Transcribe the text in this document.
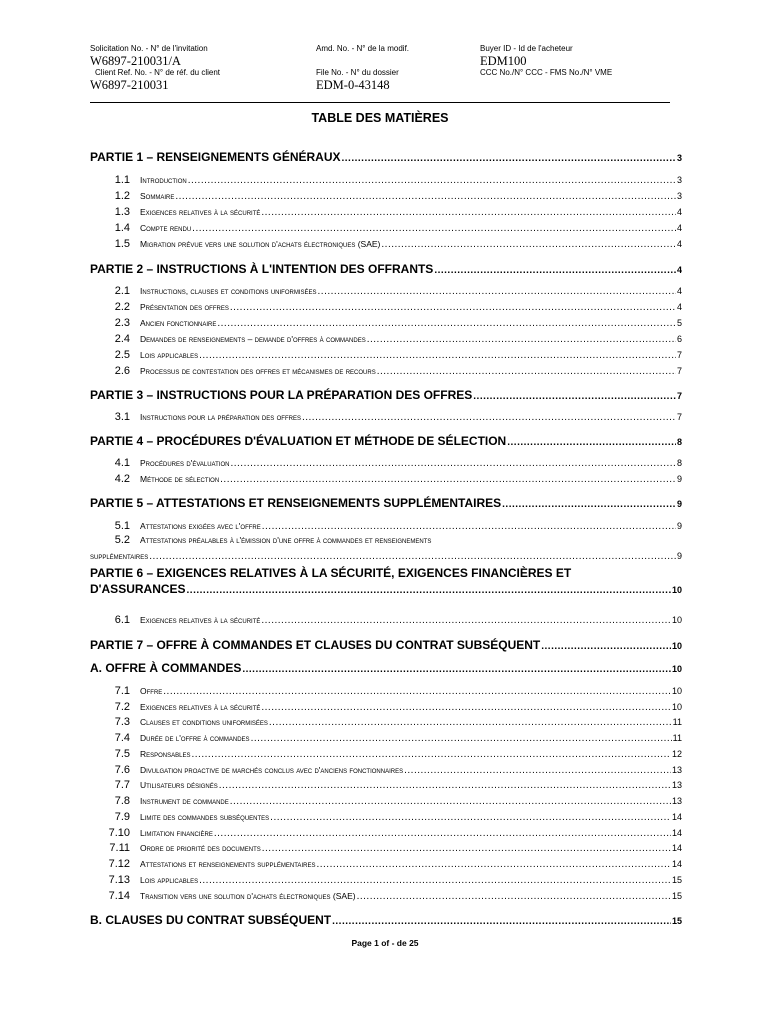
Solicitation No. - N° de l'invitation
W6897-210031/A
Client Ref. No. - N° de réf. du client
W6897-210031
Amd. No. - N° de la modif.
File No. - N° du dossier
EDM-0-43148
Buyer ID - Id de l'acheteur
EDM100
CCC No./N° CCC - FMS No./N° VME
TABLE DES MATIÈRES
PARTIE 1 – RENSEIGNEMENTS GÉNÉRAUX .....	3
1.1	Introduction .....	3
1.2	Sommaire .....	3
1.3	Exigences relatives à la sécurité .....	4
1.4	Compte rendu .....	4
1.5	Migration prévue vers une solution d'achats électroniques (SAE) .....	4
PARTIE 2 – INSTRUCTIONS À L'INTENTION DES OFFRANTS .....	4
2.1	Instructions, clauses et conditions uniformisées .....	4
2.2	Présentation des offres .....	4
2.3	Ancien fonctionnaire .....	5
2.4	Demandes de renseignements – demande d'offres à commandes .....	6
2.5	Lois applicables .....	7
2.6	Processus de contestation des offres et mécanismes de recours .....	7
PARTIE 3 – INSTRUCTIONS POUR LA PRÉPARATION DES OFFRES .....	7
3.1	Instructions pour la préparation des offres .....	7
PARTIE 4 – PROCÉDURES D'ÉVALUATION ET MÉTHODE DE SÉLECTION .....	8
4.1	Procédures d'évaluation .....	8
4.2	Méthode de sélection .....	9
PARTIE 5 – ATTESTATIONS ET RENSEIGNEMENTS SUPPLÉMENTAIRES .....	9
5.1	Attestations exigées avec l'offre .....	9
5.2 Attestations préalables à l'émission d'une offre à commandes et renseignements
supplémentaires .....	9
PARTIE 6 – EXIGENCES RELATIVES À LA SÉCURITÉ, EXIGENCES FINANCIÈRES ET
D'ASSURANCES .....	10
6.1	Exigences relatives à la sécurité .....	10
PARTIE 7 – OFFRE À COMMANDES ET CLAUSES DU CONTRAT SUBSÉQUENT .....	10
A. OFFRE À COMMANDES .....	10
7.1	Offre .....	10
7.2	Exigences relatives à la sécurité .....	10
7.3	Clauses et conditions uniformisées .....	11
7.4	Durée de l'offre à commandes .....	11
7.5	Responsables .....	12
7.6	Divulgation proactive de marchés conclus avec d'anciens fonctionnaires .....	13
7.7	Utilisateurs désignés .....	13
7.8	Instrument de commande .....	13
7.9	Limite des commandes subséquentes .....	14
7.10	Limitation financière .....	14
7.11	Ordre de priorité des documents .....	14
7.12	Attestations et renseignements supplémentaires .....	14
7.13	Lois applicables .....	15
7.14	Transition vers une solution d'achats électroniques (SAE) .....	15
B. CLAUSES DU CONTRAT SUBSÉQUENT .....	15
Page 1 of - de 25
